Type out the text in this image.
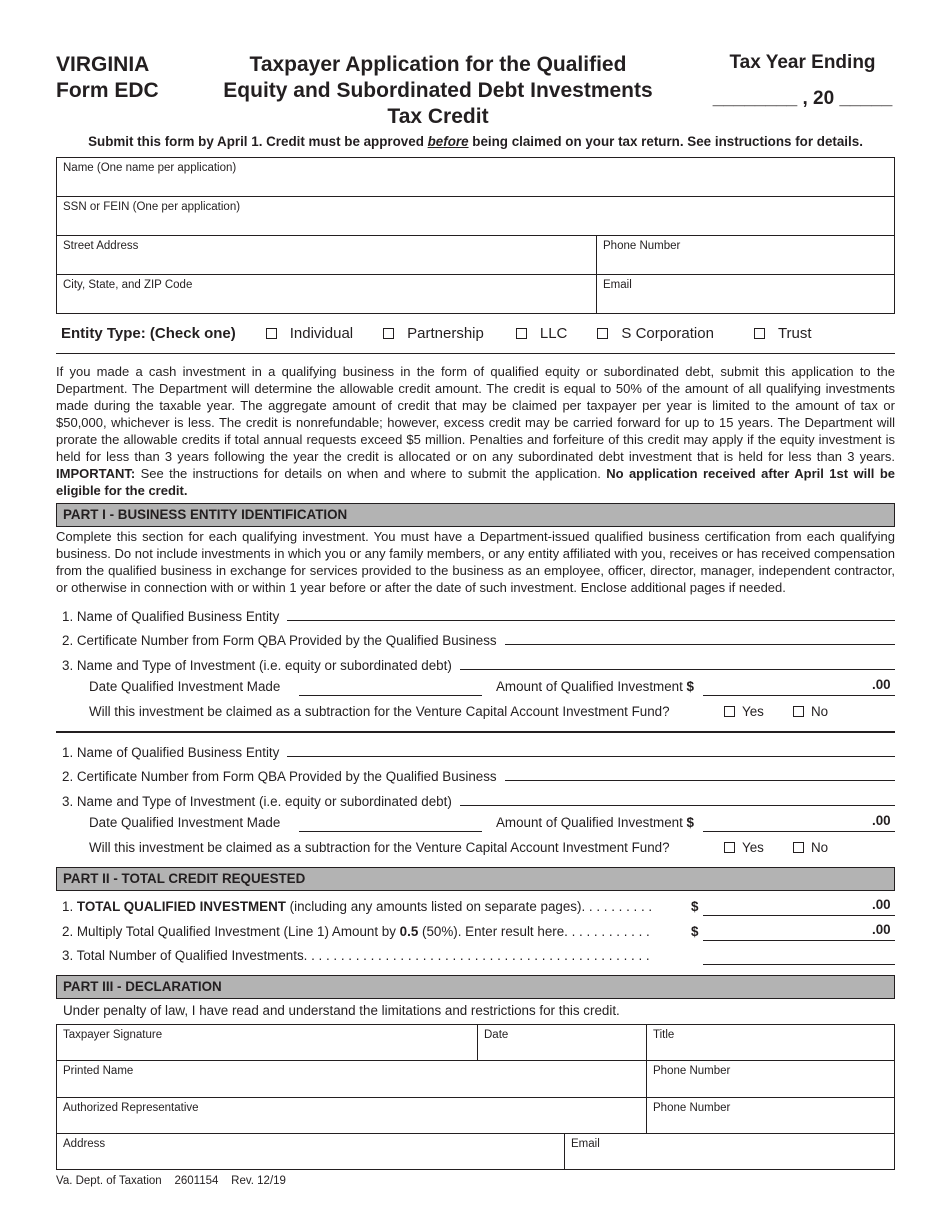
VIRGINIA
Form EDC
Taxpayer Application for the Qualified
Equity and Subordinated Debt Investments
Tax Credit
Tax Year Ending
________ , 20 _____
Submit this form by April 1. Credit must be approved before being claimed on your tax return. See instructions for details.
Name (One name per application)
SSN or FEIN (One per application)
Street Address	Phone Number
City, State, and ZIP Code	Email
Entity Type: (Check one)	Individual	Partnership	LLC	S Corporation	Trust
If you made a cash investment in a qualifying business in the form of qualified equity or subordinated debt, submit this application to the Department. The Department will determine the allowable credit amount. The credit is equal to 50% of the amount of all qualifying investments made during the taxable year. The aggregate amount of credit that may be claimed per taxpayer per year is limited to the amount of tax or $50,000, whichever is less. The credit is nonrefundable; however, excess credit may be carried forward for up to 15 years. The Department will prorate the allowable credits if total annual requests exceed $5 million. Penalties and forfeiture of this credit may apply if the equity investment is held for less than 3 years following the year the credit is allocated or on any subordinated debt investment that is held for less than 3 years. IMPORTANT: See the instructions for details on when and where to submit the application. No application received after April 1st will be eligible for the credit.
PART I - BUSINESS ENTITY IDENTIFICATION
Complete this section for each qualifying investment. You must have a Department-issued qualified business certification from each qualifying business. Do not include investments in which you or any family members, or any entity affiliated with you, receives or has received compensation from the qualified business in exchange for services provided to the business as an employee, officer, director, manager, independent contractor, or otherwise in connection with or within 1 year before or after the date of such investment. Enclose additional pages if needed.
1. Name of Qualified Business Entity
2. Certificate Number from Form QBA Provided by the Qualified Business
3. Name and Type of Investment (i.e. equity or subordinated debt)
Date Qualified Investment Made	Amount of Qualified Investment $	.00
Will this investment be claimed as a subtraction for the Venture Capital Account Investment Fund?	Yes	No
1. Name of Qualified Business Entity
2. Certificate Number from Form QBA Provided by the Qualified Business
3. Name and Type of Investment (i.e. equity or subordinated debt)
Date Qualified Investment Made	Amount of Qualified Investment $	.00
Will this investment be claimed as a subtraction for the Venture Capital Account Investment Fund?	Yes	No
PART II - TOTAL CREDIT REQUESTED
1. TOTAL QUALIFIED INVESTMENT (including any amounts listed on separate pages). . . . . . . . . .	$	.00
2. Multiply Total Qualified Investment (Line 1) Amount by 0.5 (50%). Enter result here. . . . . . . . . . . .	$	.00
3. Total Number of Qualified Investments. . . . . . . . . . . . . . . . . . . . . . . . . . . . . . . . . . . . . . . . . . . . . . .
PART III - DECLARATION
Under penalty of law, I have read and understand the limitations and restrictions for this credit.
Taxpayer Signature	Date	Title
Printed Name	Phone Number
Authorized Representative	Phone Number
Address	Email
Va. Dept. of Taxation    2601154    Rev. 12/19
